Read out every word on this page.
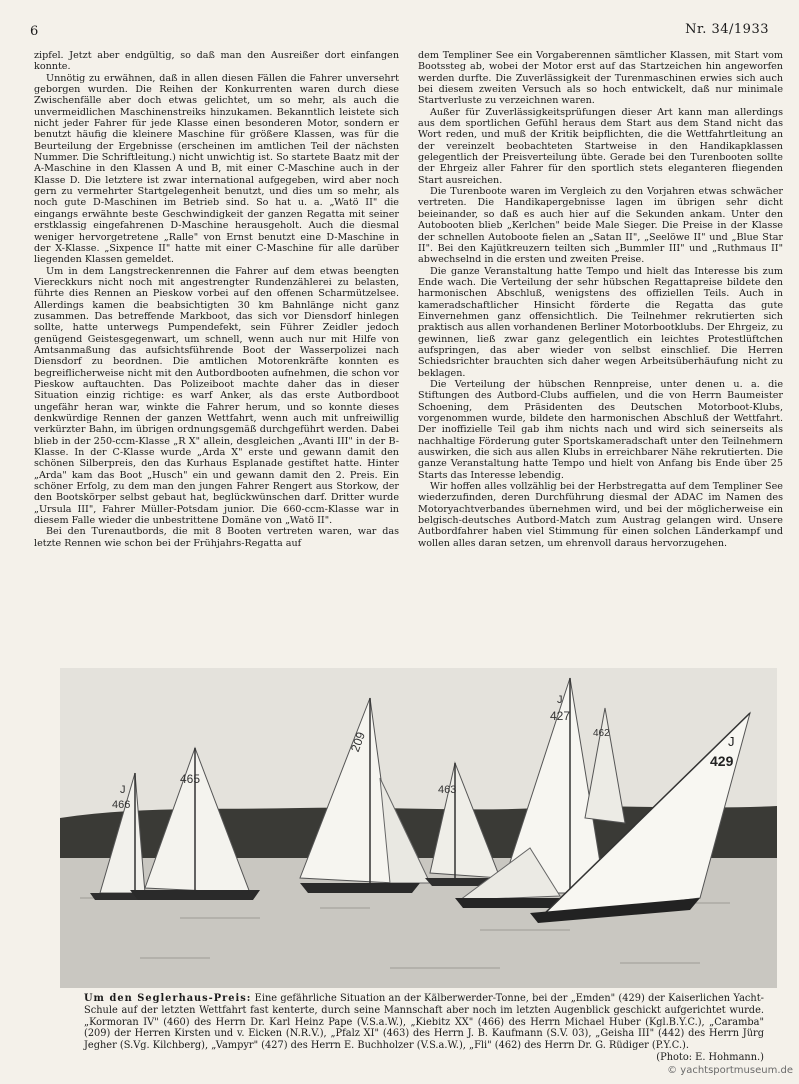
6	Nr. 34/1933

zipfel. Jetzt aber endgültig, so daß man den Ausreißer dort einfangen konnte.

Unnötig zu erwähnen, daß in allen diesen Fällen die Fahrer unversehrt geborgen wurden. Die Reihen der Konkurrenten waren durch diese Zwischenfälle aber doch etwas gelichtet, um so mehr, als auch die unvermeidlichen Maschinenstreiks hinzukamen. Bekanntlich leistete sich nicht jeder Fahrer für jede Klasse einen besonderen Motor, sondern er benutzt häufig die kleinere Maschine für größere Klassen, was für die Beurteilung der Ergebnisse (erscheinen im amtlichen Teil der nächsten Nummer. Die Schriftleitung.) nicht unwichtig ist. So startete Baatz mit der A-Maschine in den Klassen A und B, mit einer C-Maschine auch in der Klasse D. Die letztere ist zwar international aufgegeben, wird aber noch gern zu vermehrter Startgelegenheit benutzt, und dies um so mehr, als noch gute D-Maschinen im Betrieb sind. So hat u. a. „Watö II" die eingangs erwähnte beste Geschwindigkeit der ganzen Regatta mit seiner erstklassig eingefahrenen D-Maschine herausgeholt. Auch die diesmal weniger hervorgetretene „Ralle" von Ernst benutzt eine D-Maschine in der X-Klasse. „Sixpence II" hatte mit einer C-Maschine für alle darüber liegenden Klassen gemeldet.

Um in dem Langstreckenrennen die Fahrer auf dem etwas beengten Viereckkurs nicht noch mit angestrengter Rundenzählerei zu belasten, führte dies Rennen an Pieskow vorbei auf den offenen Scharmützelsee. Allerdings kamen die beabsichtigten 30 km Bahnlänge nicht ganz zusammen. Das betreffende Markboot, das sich vor Diensdorf hinlegen sollte, hatte unterwegs Pumpendefekt, sein Führer Zeidler jedoch genügend Geistesgegenwart, um schnell, wenn auch nur mit Hilfe von Amtsanmaßung das aufsichtsführende Boot der Wasserpolizei nach Diensdorf zu beordnen. Die amtlichen Motorenkräfte konnten es begreiflicherweise nicht mit den Autbordbooten aufnehmen, die schon vor Pieskow auftauchten. Das Polizeiboot machte daher das in dieser Situation einzig richtige: es warf Anker, als das erste Autbordboot ungefähr heran war, winkte die Fahrer herum, und so konnte dieses denkwürdige Rennen der ganzen Wettfahrt, wenn auch mit unfreiwillig verkürzter Bahn, im übrigen ordnungsgemäß durchgeführt werden. Dabei blieb in der 250-ccm-Klasse „R X" allein, desgleichen „Avanti III" in der B-Klasse. In der C-Klasse wurde „Arda X" erste und gewann damit den schönen Silberpreis, den das Kurhaus Esplanade gestiftet hatte. Hinter „Arda" kam das Boot „Husch" ein und gewann damit den 2. Preis. Ein schöner Erfolg, zu dem man den jungen Fahrer Rengert aus Storkow, der den Bootskörper selbst gebaut hat, beglückwünschen darf. Dritter wurde „Ursula III", Fahrer Müller-Potsdam junior. Die 660-ccm-Klasse war in diesem Falle wieder die unbestrittene Domäne von „Watö II".

Bei den Turenautbords, die mit 8 Booten vertreten waren, war das letzte Rennen wie schon bei der Frühjahrs-Regatta auf

dem Templiner See ein Vorgaberennen sämtlicher Klassen, mit Start vom Bootssteg ab, wobei der Motor erst auf das Startzeichen hin angeworfen werden durfte. Die Zuverlässigkeit der Turenmaschinen erwies sich auch bei diesem zweiten Versuch als so hoch entwickelt, daß nur minimale Startverluste zu verzeichnen waren.

Außer für Zuverlässigkeitsprüfungen dieser Art kann man allerdings aus dem sportlichen Gefühl heraus dem Start aus dem Stand nicht das Wort reden, und muß der Kritik beipflichten, die die Wettfahrtleitung an der vereinzelt beobachteten Startweise in den Handikapklassen gelegentlich der Preisverteilung übte. Gerade bei den Turenbooten sollte der Ehrgeiz aller Fahrer für den sportlich stets eleganteren fliegenden Start ausreichen.

Die Turenboote waren im Vergleich zu den Vorjahren etwas schwächer vertreten. Die Handikapergebnisse lagen im übrigen sehr dicht beieinander, so daß es auch hier auf die Sekunden ankam. Unter den Autobooten blieb „Kerlchen" beide Male Sieger. Die Preise in der Klasse der schnellen Autoboote fielen an „Satan II", „Seelöwe II" und „Blue Star II". Bei den Kajütkreuzern teilten sich „Bummler III" und „Ruthmaus II" abwechselnd in die ersten und zweiten Preise.

Die ganze Veranstaltung hatte Tempo und hielt das Interesse bis zum Ende wach. Die Verteilung der sehr hübschen Regattapreise bildete den harmonischen Abschluß, wenigstens des offiziellen Teils. Auch in kameradschaftlicher Hinsicht förderte die Regatta das gute Einvernehmen ganz offensichtlich. Die Teilnehmer rekrutierten sich praktisch aus allen vorhandenen Berliner Motorbootklubs. Der Ehrgeiz, zu gewinnen, ließ zwar ganz gelegentlich ein leichtes Protestlüftchen aufspringen, das aber wieder von selbst einschlief. Die Herren Schiedsrichter brauchten sich daher wegen Arbeitsüberhäufung nicht zu beklagen.

Die Verteilung der hübschen Rennpreise, unter denen u. a. die Stiftungen des Autbord-Clubs auffielen, und die von Herrn Baumeister Schoening, dem Präsidenten des Deutschen Motorboot-Klubs, vorgenommen wurde, bildete den harmonischen Abschluß der Wettfahrt. Der inoffizielle Teil gab ihm nichts nach und wird sich seinerseits als nachhaltige Förderung guter Sportskameradschaft unter den Teilnehmern auswirken, die sich aus allen Klubs in erreichbarer Nähe rekrutierten. Die ganze Veranstaltung hatte Tempo und hielt von Anfang bis Ende über 25 Starts das Interesse lebendig.

Wir hoffen alles vollzählig bei der Herbstregatta auf dem Templiner See wiederzufinden, deren Durchführung diesmal der ADAC im Namen des Motoryachtverbandes übernehmen wird, und bei der möglicherweise ein belgisch-deutsches Autbord-Match zum Austrag gelangen wird. Unsere Autbordfahrer haben viel Stimmung für einen solchen Länderkampf und wollen alles daran setzen, um ehrenvoll daraus hervorzugehen.

J
466
465
209
463
J
427
462
J
429
Um den Seglerhaus-Preis: Eine gefährliche Situation an der Kälberwerder-Tonne, bei der „Emden" (429) der Kaiserlichen Yacht-Schule auf der letzten Wettfahrt fast kenterte, durch seine Mannschaft aber noch im letzten Augenblick geschickt aufgerichtet wurde. „Kormoran IV" (460) des Herrn Dr. Karl Heinz Pape (V.S.a.W.), „Kiebitz XX" (466) des Herrn Michael Huber (Kgl.B.Y.C.), „Caramba" (209) der Herren Kirsten und v. Eicken (N.R.V.), „Pfalz XI" (463) des Herrn J. B. Kaufmann (S.V. 03), „Geisha III" (442) des Herrn Jürg Jegher (S.Vg. Kilchberg), „Vampyr" (427) des Herrn E. Buchholzer (V.S.a.W.), „Fli" (462) des Herrn Dr. G. Rüdiger (P.Y.C.).
(Photo: E. Hohmann.)
© yachtsportmuseum.de
